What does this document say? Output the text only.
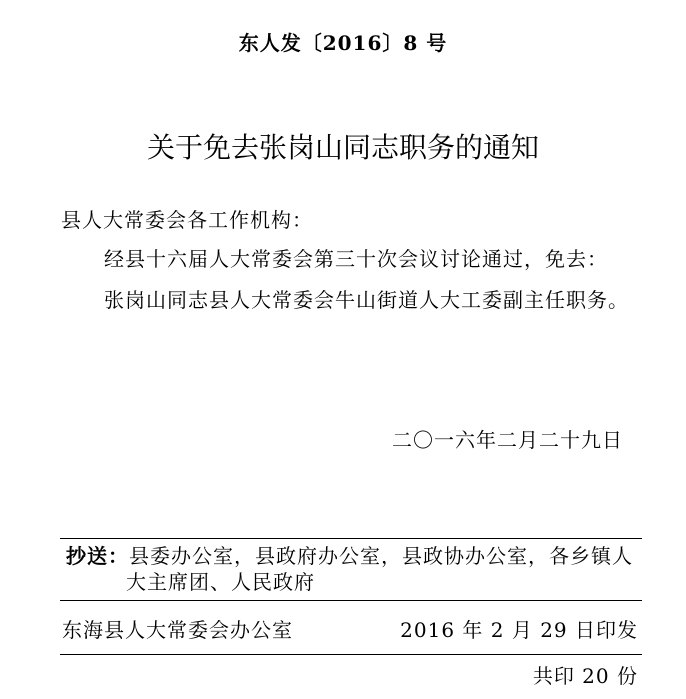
东人发〔2016〕8 号
关于免去张岗山同志职务的通知
县人大常委会各工作机构：
经县十六届人大常委会第三十次会议讨论通过，免去：
张岗山同志县人大常委会牛山街道人大工委副主任职务。
二〇一六年二月二十九日
抄送：县委办公室，县政府办公室，县政协办公室，各乡镇人
大主席团、人民政府
东海县人大常委会办公室	2016 年 2 月 29 日印发
共印 20 份
